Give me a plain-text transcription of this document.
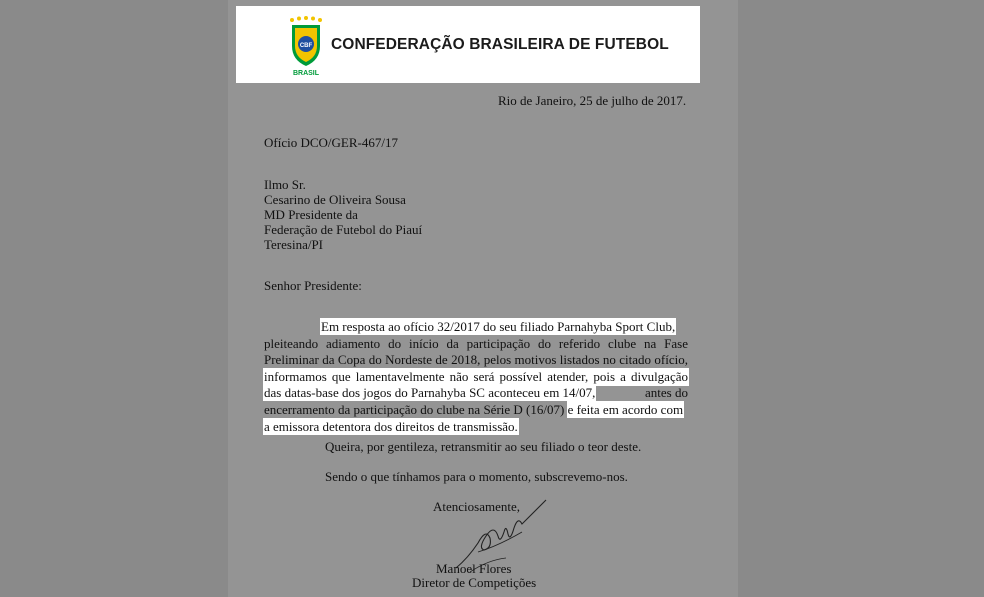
CBF
BRASIL
CONFEDERAÇÃO BRASILEIRA DE FUTEBOL
Rio de Janeiro, 25 de julho de 2017.
Ofício DCO/GER-467/17
Ilmo Sr.
Cesarino de Oliveira Sousa
MD Presidente da
Federação de Futebol do Piauí
Teresina/PI
Senhor Presidente:
Em resposta ao ofício 32/2017 do seu filiado Parnahyba Sport Club,
pleiteando adiamento do início da participação do referido clube na Fase
Preliminar da Copa do Nordeste de 2018, pelos motivos listados no citado ofício,
informamos que lamentavelmente não será possível atender, pois a divulgação
das datas-base dos jogos do Parnahyba SC aconteceu em 14/07,	antes do
encerramento da participação do clube na Série D (16/07) e feita em acordo com
a emissora detentora dos direitos de transmissão.
Queira, por gentileza, retransmitir ao seu filiado o teor deste.
Sendo o que tínhamos para o momento, subscrevemo-nos.
Atenciosamente,
Manoel Flores
Diretor de Competições
